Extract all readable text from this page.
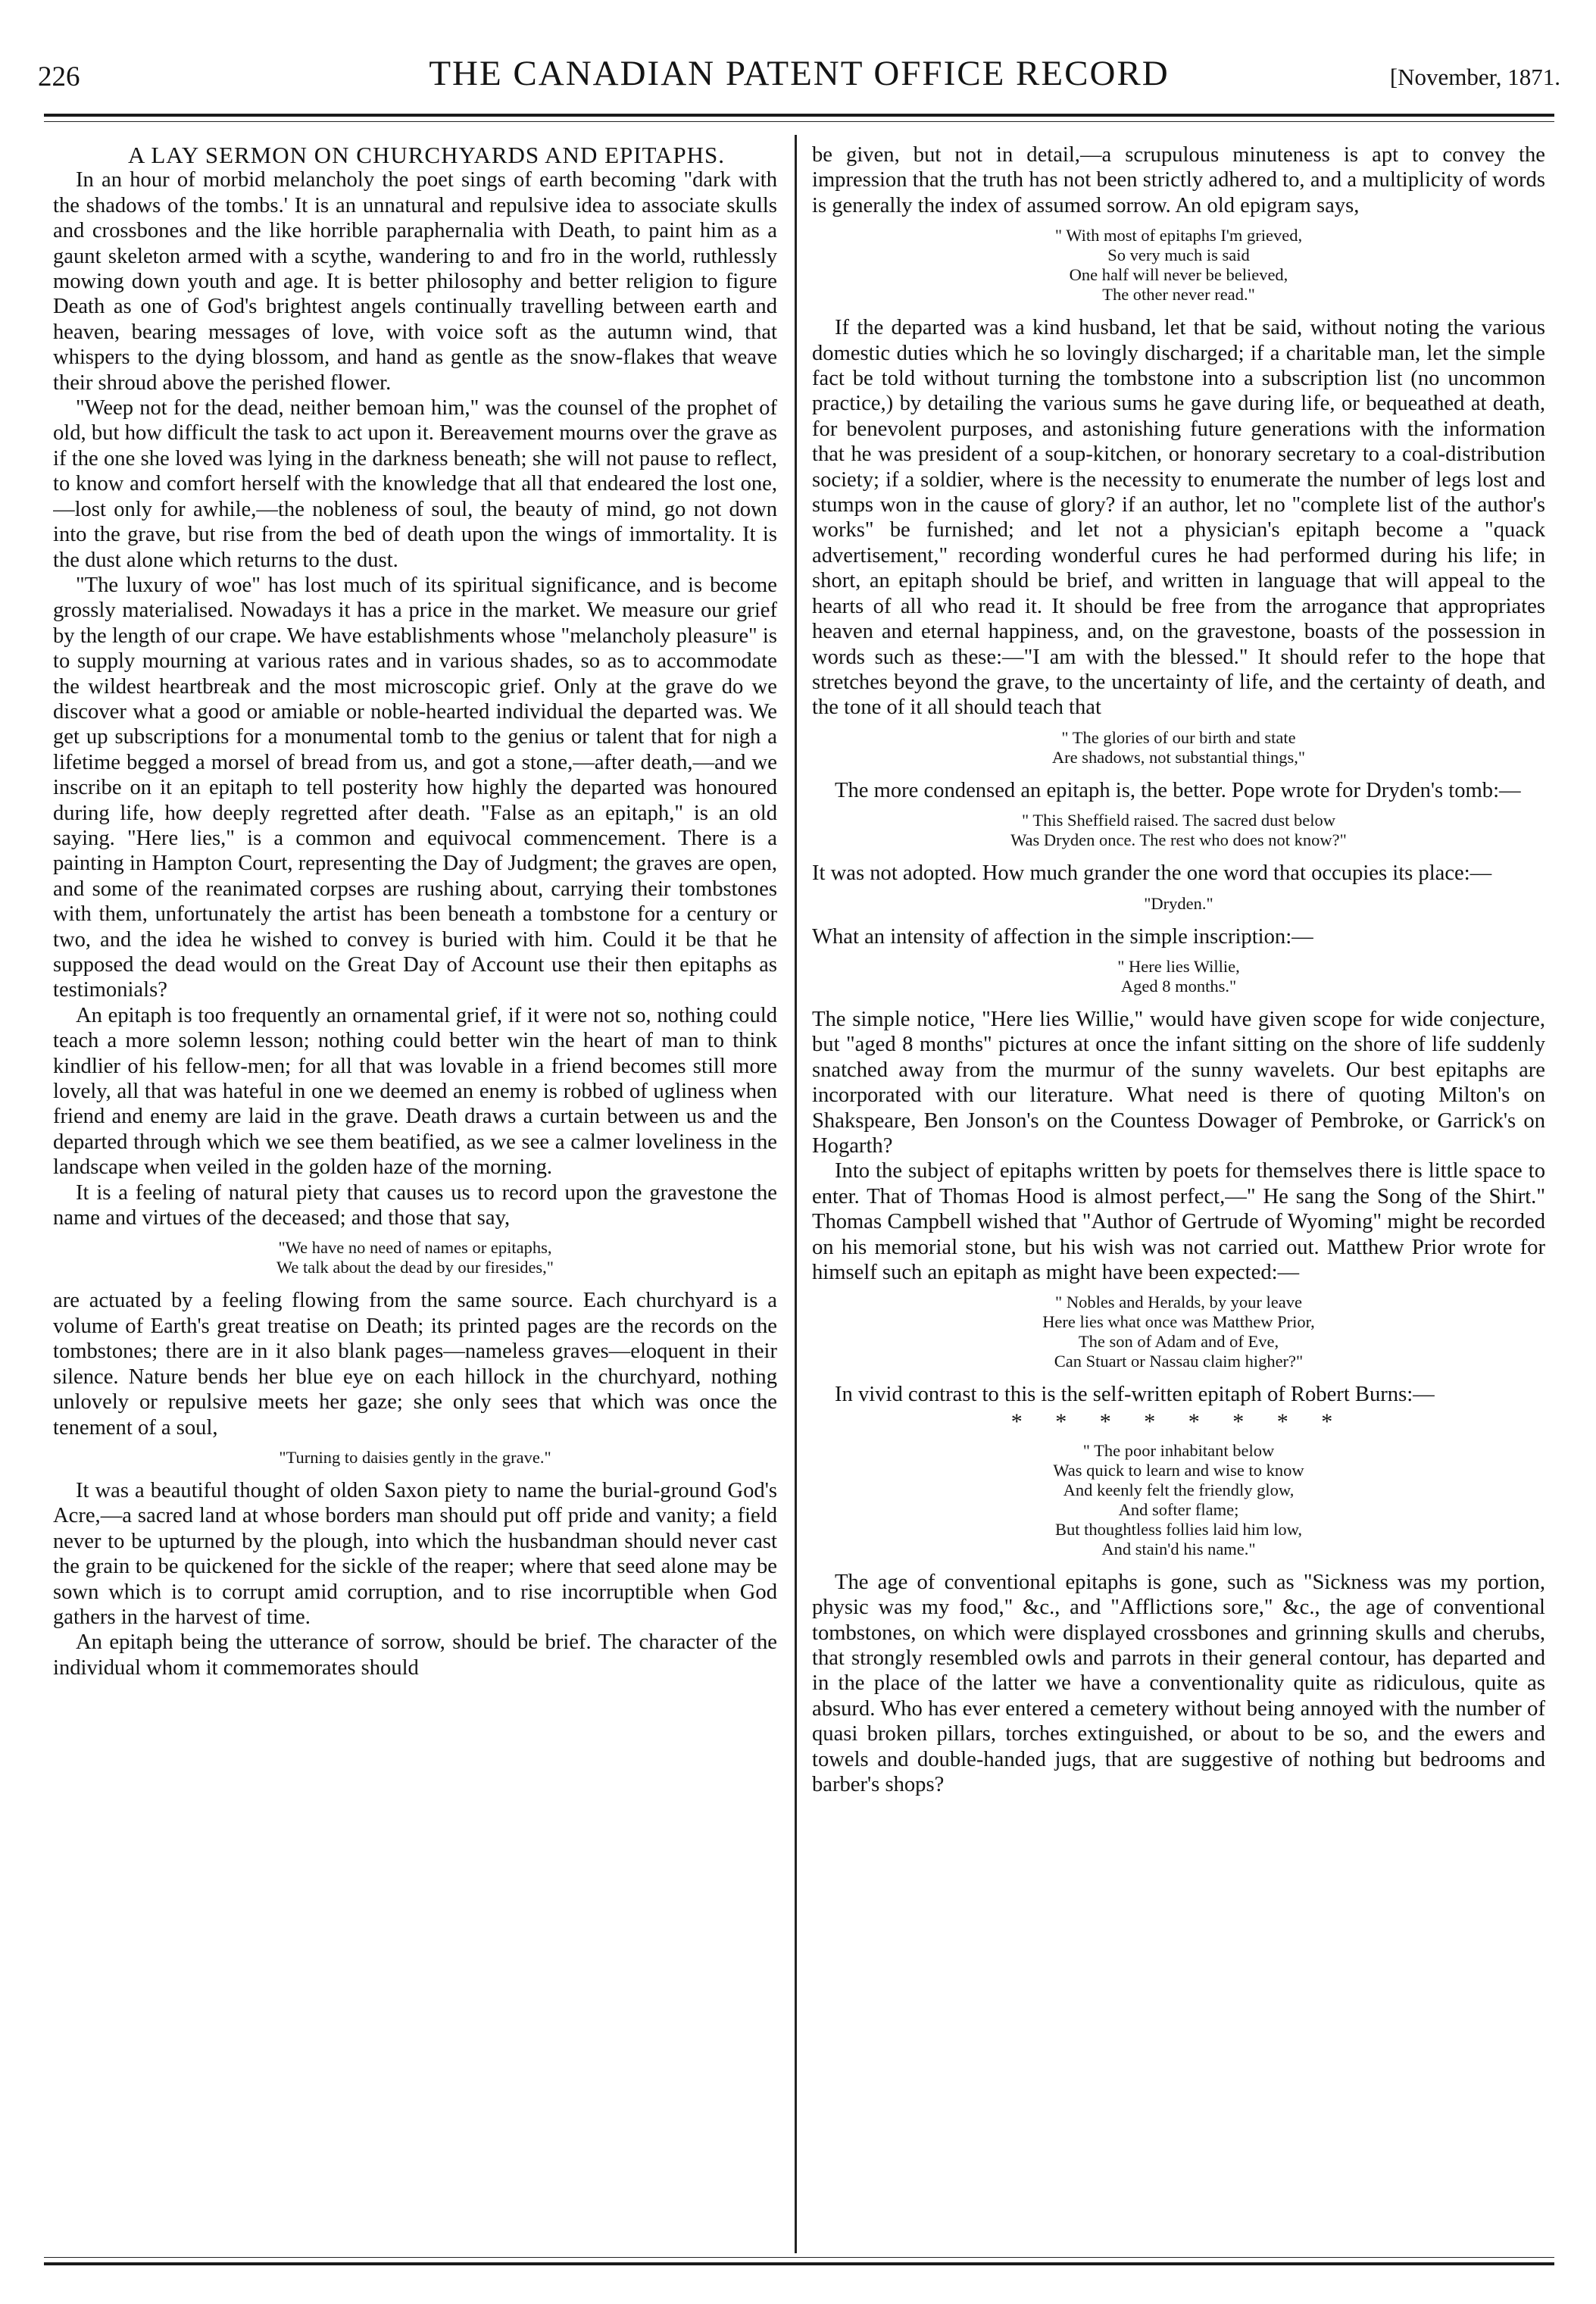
226	THE CANADIAN PATENT OFFICE RECORD	[November, 1871.

A LAY SERMON ON CHURCHYARDS AND EPITAPHS.

In an hour of morbid melancholy the poet sings of earth becoming "dark with the shadows of the tombs.' It is an unnatural and repulsive idea to associate skulls and crossbones and the like horrible paraphernalia with Death, to paint him as a gaunt skeleton armed with a scythe, wandering to and fro in the world, ruthlessly mowing down youth and age. It is better philosophy and better religion to figure Death as one of God's brightest angels continually travelling between earth and heaven, bearing messages of love, with voice soft as the autumn wind, that whispers to the dying blossom, and hand as gentle as the snow-flakes that weave their shroud above the perished flower.

"Weep not for the dead, neither bemoan him," was the counsel of the prophet of old, but how difficult the task to act upon it. Bereavement mourns over the grave as if the one she loved was lying in the darkness beneath; she will not pause to reflect, to know and comfort herself with the knowledge that all that endeared the lost one,—lost only for awhile,—the nobleness of soul, the beauty of mind, go not down into the grave, but rise from the bed of death upon the wings of immortality. It is the dust alone which returns to the dust.

"The luxury of woe" has lost much of its spiritual significance, and is become grossly materialised. Nowadays it has a price in the market. We measure our grief by the length of our crape. We have establishments whose "melancholy pleasure" is to supply mourning at various rates and in various shades, so as to accommodate the wildest heartbreak and the most microscopic grief. Only at the grave do we discover what a good or amiable or noble-hearted individual the departed was. We get up subscriptions for a monumental tomb to the genius or talent that for nigh a lifetime begged a morsel of bread from us, and got a stone,—after death,—and we inscribe on it an epitaph to tell posterity how highly the departed was honoured during life, how deeply regretted after death. "False as an epitaph," is an old saying. "Here lies," is a common and equivocal commencement. There is a painting in Hampton Court, representing the Day of Judgment; the graves are open, and some of the reanimated corpses are rushing about, carrying their tombstones with them, unfortunately the artist has been beneath a tombstone for a century or two, and the idea he wished to convey is buried with him. Could it be that he supposed the dead would on the Great Day of Account use their then epitaphs as testimonials?

An epitaph is too frequently an ornamental grief, if it were not so, nothing could teach a more solemn lesson; nothing could better win the heart of man to think kindlier of his fellow-men; for all that was lovable in a friend becomes still more lovely, all that was hateful in one we deemed an enemy is robbed of ugliness when friend and enemy are laid in the grave. Death draws a curtain between us and the departed through which we see them beatified, as we see a calmer loveliness in the landscape when veiled in the golden haze of the morning.

It is a feeling of natural piety that causes us to record upon the gravestone the name and virtues of the deceased; and those that say,

"We have no need of names or epitaphs,
We talk about the dead by our firesides,"

are actuated by a feeling flowing from the same source. Each churchyard is a volume of Earth's great treatise on Death; its printed pages are the records on the tombstones; there are in it also blank pages—nameless graves—eloquent in their silence. Nature bends her blue eye on each hillock in the churchyard, nothing unlovely or repulsive meets her gaze; she only sees that which was once the tenement of a soul,

"Turning to daisies gently in the grave."

It was a beautiful thought of olden Saxon piety to name the burial-ground God's Acre,—a sacred land at whose borders man should put off pride and vanity; a field never to be upturned by the plough, into which the husbandman should never cast the grain to be quickened for the sickle of the reaper; where that seed alone may be sown which is to corrupt amid corruption, and to rise incorruptible when God gathers in the harvest of time.

An epitaph being the utterance of sorrow, should be brief. The character of the individual whom it commemorates should

be given, but not in detail,—a scrupulous minuteness is apt to convey the impression that the truth has not been strictly adhered to, and a multiplicity of words is generally the index of assumed sorrow. An old epigram says,

" With most of epitaphs I'm grieved,
So very much is said
One half will never be believed,
The other never read."

If the departed was a kind husband, let that be said, without noting the various domestic duties which he so lovingly discharged; if a charitable man, let the simple fact be told without turning the tombstone into a subscription list (no uncommon practice,) by detailing the various sums he gave during life, or bequeathed at death, for benevolent purposes, and astonishing future generations with the information that he was president of a soup-kitchen, or honorary secretary to a coal-distribution society; if a soldier, where is the necessity to enumerate the number of legs lost and stumps won in the cause of glory? if an author, let no "complete list of the author's works" be furnished; and let not a physician's epitaph become a "quack advertisement," recording wonderful cures he had performed during his life; in short, an epitaph should be brief, and written in language that will appeal to the hearts of all who read it. It should be free from the arrogance that appropriates heaven and eternal happiness, and, on the gravestone, boasts of the possession in words such as these:—"I am with the blessed." It should refer to the hope that stretches beyond the grave, to the uncertainty of life, and the certainty of death, and the tone of it all should teach that

" The glories of our birth and state
Are shadows, not substantial things,"

The more condensed an epitaph is, the better. Pope wrote for Dryden's tomb:—

" This Sheffield raised. The sacred dust below
Was Dryden once. The rest who does not know?"

It was not adopted. How much grander the one word that occupies its place:—

"Dryden."

What an intensity of affection in the simple inscription:—

" Here lies Willie,
Aged 8 months."

The simple notice, "Here lies Willie," would have given scope for wide conjecture, but "aged 8 months" pictures at once the infant sitting on the shore of life suddenly snatched away from the murmur of the sunny wavelets. Our best epitaphs are incorporated with our literature. What need is there of quoting Milton's on Shakspeare, Ben Jonson's on the Countess Dowager of Pembroke, or Garrick's on Hogarth?

Into the subject of epitaphs written by poets for themselves there is little space to enter. That of Thomas Hood is almost perfect,—" He sang the Song of the Shirt." Thomas Campbell wished that "Author of Gertrude of Wyoming" might be recorded on his memorial stone, but his wish was not carried out. Matthew Prior wrote for himself such an epitaph as might have been expected:—

" Nobles and Heralds, by your leave
Here lies what once was Matthew Prior,
The son of Adam and of Eve,
Can Stuart or Nassau claim higher?"

In vivid contrast to this is the self-written epitaph of Robert Burns:—

* * * * * * * *
" The poor inhabitant below
Was quick to learn and wise to know
And keenly felt the friendly glow,
And softer flame;
But thoughtless follies laid him low,
And stain'd his name."

The age of conventional epitaphs is gone, such as "Sickness was my portion, physic was my food," &c., and "Afflictions sore," &c., the age of conventional tombstones, on which were displayed crossbones and grinning skulls and cherubs, that strongly resembled owls and parrots in their general contour, has departed and in the place of the latter we have a conventionality quite as ridiculous, quite as absurd. Who has ever entered a cemetery without being annoyed with the number of quasi broken pillars, torches extinguished, or about to be so, and the ewers and towels and double-handed jugs, that are suggestive of nothing but bedrooms and barber's shops?
